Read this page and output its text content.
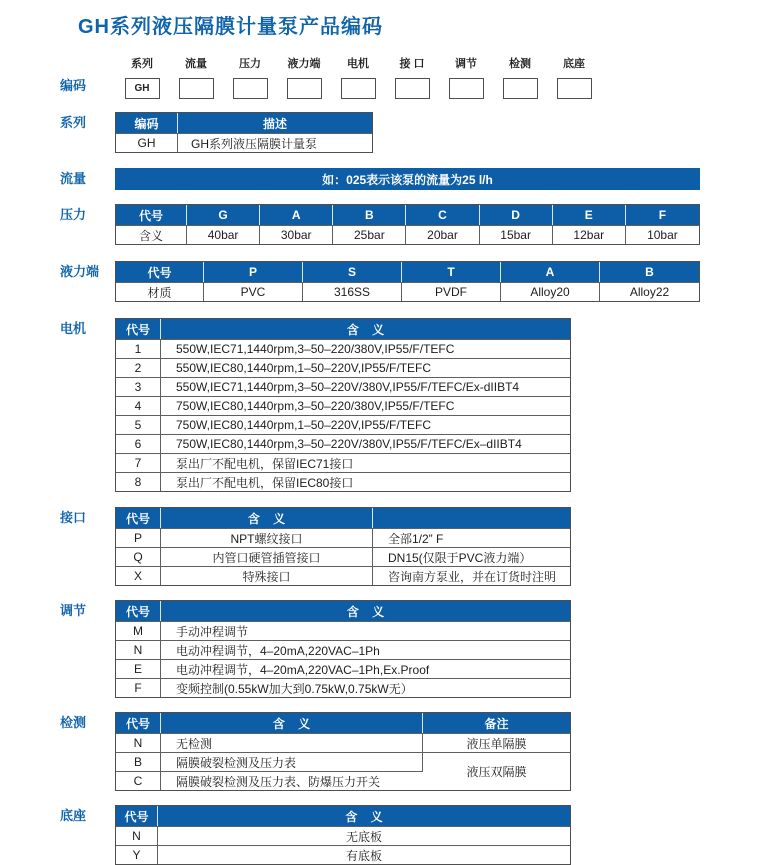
GH系列液压隔膜计量泵产品编码
编码
系列
GH
流量	压力	液力端	电机	接 口	调节	检测	底座
系列	编码	描述
GH	GH系列液压隔膜计量泵
流量	如：025表示该泵的流量为25 l/h
压力	代号	G	A	B	C	D	E	F
含义	40bar	30bar	25bar	20bar	15bar	12bar	10bar
液力端	代号	P	S	T	A	B
材质	PVC	316SS	PVDF	Alloy20	Alloy22
电机	代号	含    义
1	550W,IEC71,1440rpm,3–50–220/380V,IP55/F/TEFC
2	550W,IEC80,1440rpm,1–50–220V,IP55/F/TEFC
3	550W,IEC71,1440rpm,3–50–220V/380V,IP55/F/TEFC/Ex-dIIBT4
4	750W,IEC80,1440rpm,3–50–220/380V,IP55/F/TEFC
5	750W,IEC80,1440rpm,1–50–220V,IP55/F/TEFC
6	750W,IEC80,1440rpm,3–50–220V/380V,IP55/F/TEFC/Ex–dIIBT4
7	泵出厂不配电机，保留IEC71接口
8	泵出厂不配电机，保留IEC80接口
接口	代号	含    义	
P	NPT螺纹接口	全部1/2” F
Q	内管口硬管插管接口	DN15(仅限于PVC液力端）
X	特殊接口	咨询南方泵业，并在订货时注明
调节	代号	含    义
M	手动冲程调节
N	电动冲程调节，4–20mA,220VAC–1Ph
E	电动冲程调节，4–20mA,220VAC–1Ph,Ex.Proof
F	变频控制(0.55kW加大到0.75kW,0.75kW无）
检测	代号	含    义	备注
N	无检测	液压单隔膜
B	隔膜破裂检测及压力表	液压双隔膜
C	隔膜破裂检测及压力表、防爆压力开关	
底座	代号	含    义
N	无底板
Y	有底板
